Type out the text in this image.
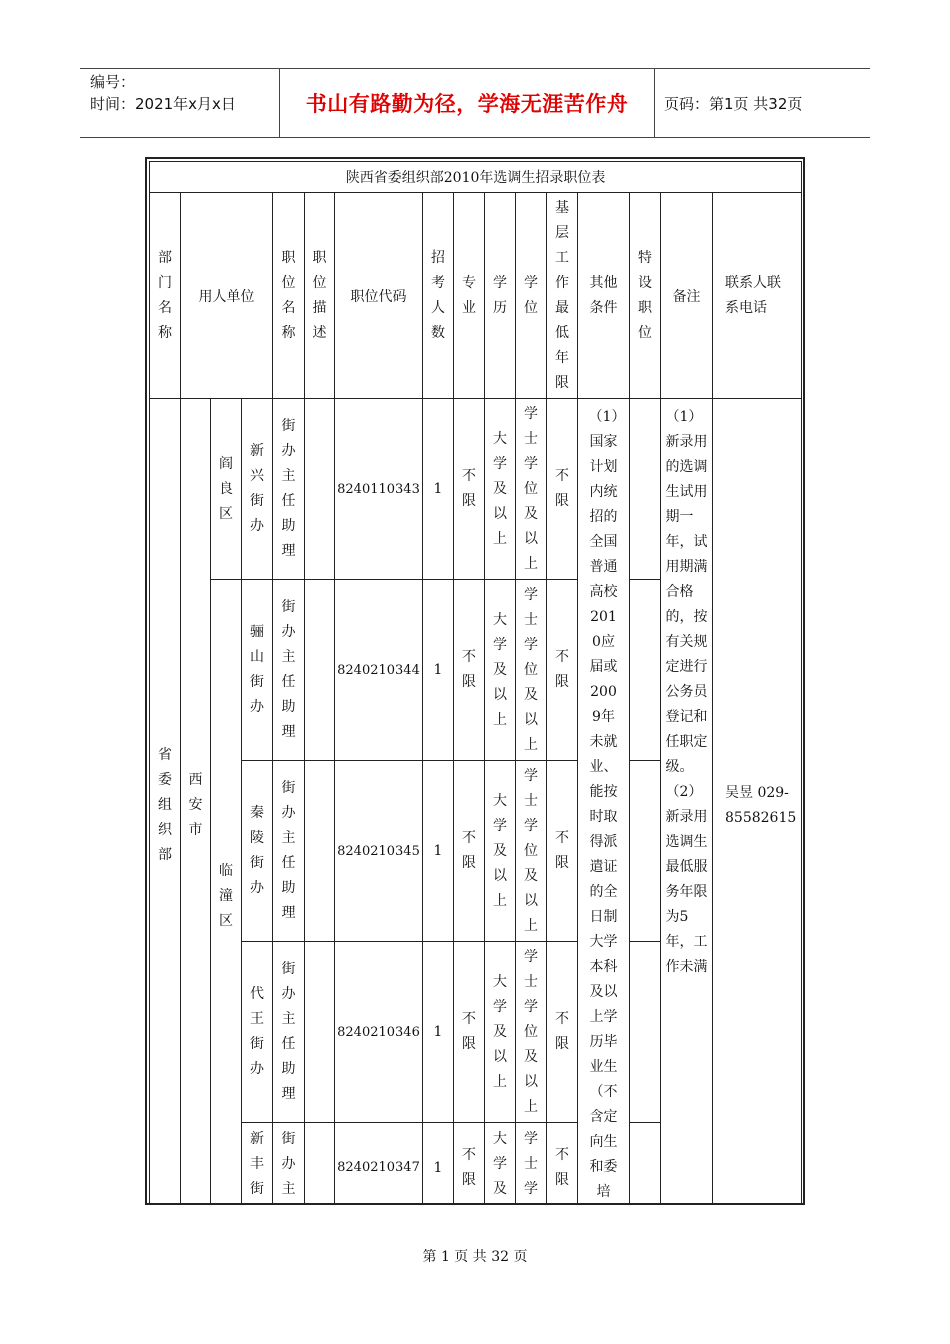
编号：
时间：2021年x月x日	书山有路勤为径，学海无涯苦作舟	页码：第1页 共32页
陕西省委组织部2010年选调生招录职位表															
部门名称	用人单位			职位名称	职位描述	职位代码	招考人数	专业	学历	学位	基层工作最低年限	其他条件	特设职位	备注	联系人联系电话
省委组织部	西安市	阎良区	新兴街办	街办主任助理		8240110343	1	不限	大学及以上	学士学位及以上	不限	（1）国家计划内统招的全国普通高校2010应届或2009年未就业、能按时取得派遣证的全日制大学本科及以上学历毕业生（不含定向生和委培		（1）新录用的选调生试用期一年，试用期满合格的，按有关规定进行公务员登记和任职定级。（2）新录用选调生最低服务年限为5年，工作未满	吴昱 029-85582615
		临潼区	骊山街办	街办主任助理		8240210344	1	不限	大学及以上	学士学位及以上	不限				
			秦陵街办	街办主任助理		8240210345	1	不限	大学及以上	学士学位及以上	不限				
			代王街办	街办主任助理		8240210346	1	不限	大学及以上	学士学位及以上	不限				
			新丰街	街办主		8240210347	1	不限	大学及	学士学	不限				
第 1 页 共 32 页
